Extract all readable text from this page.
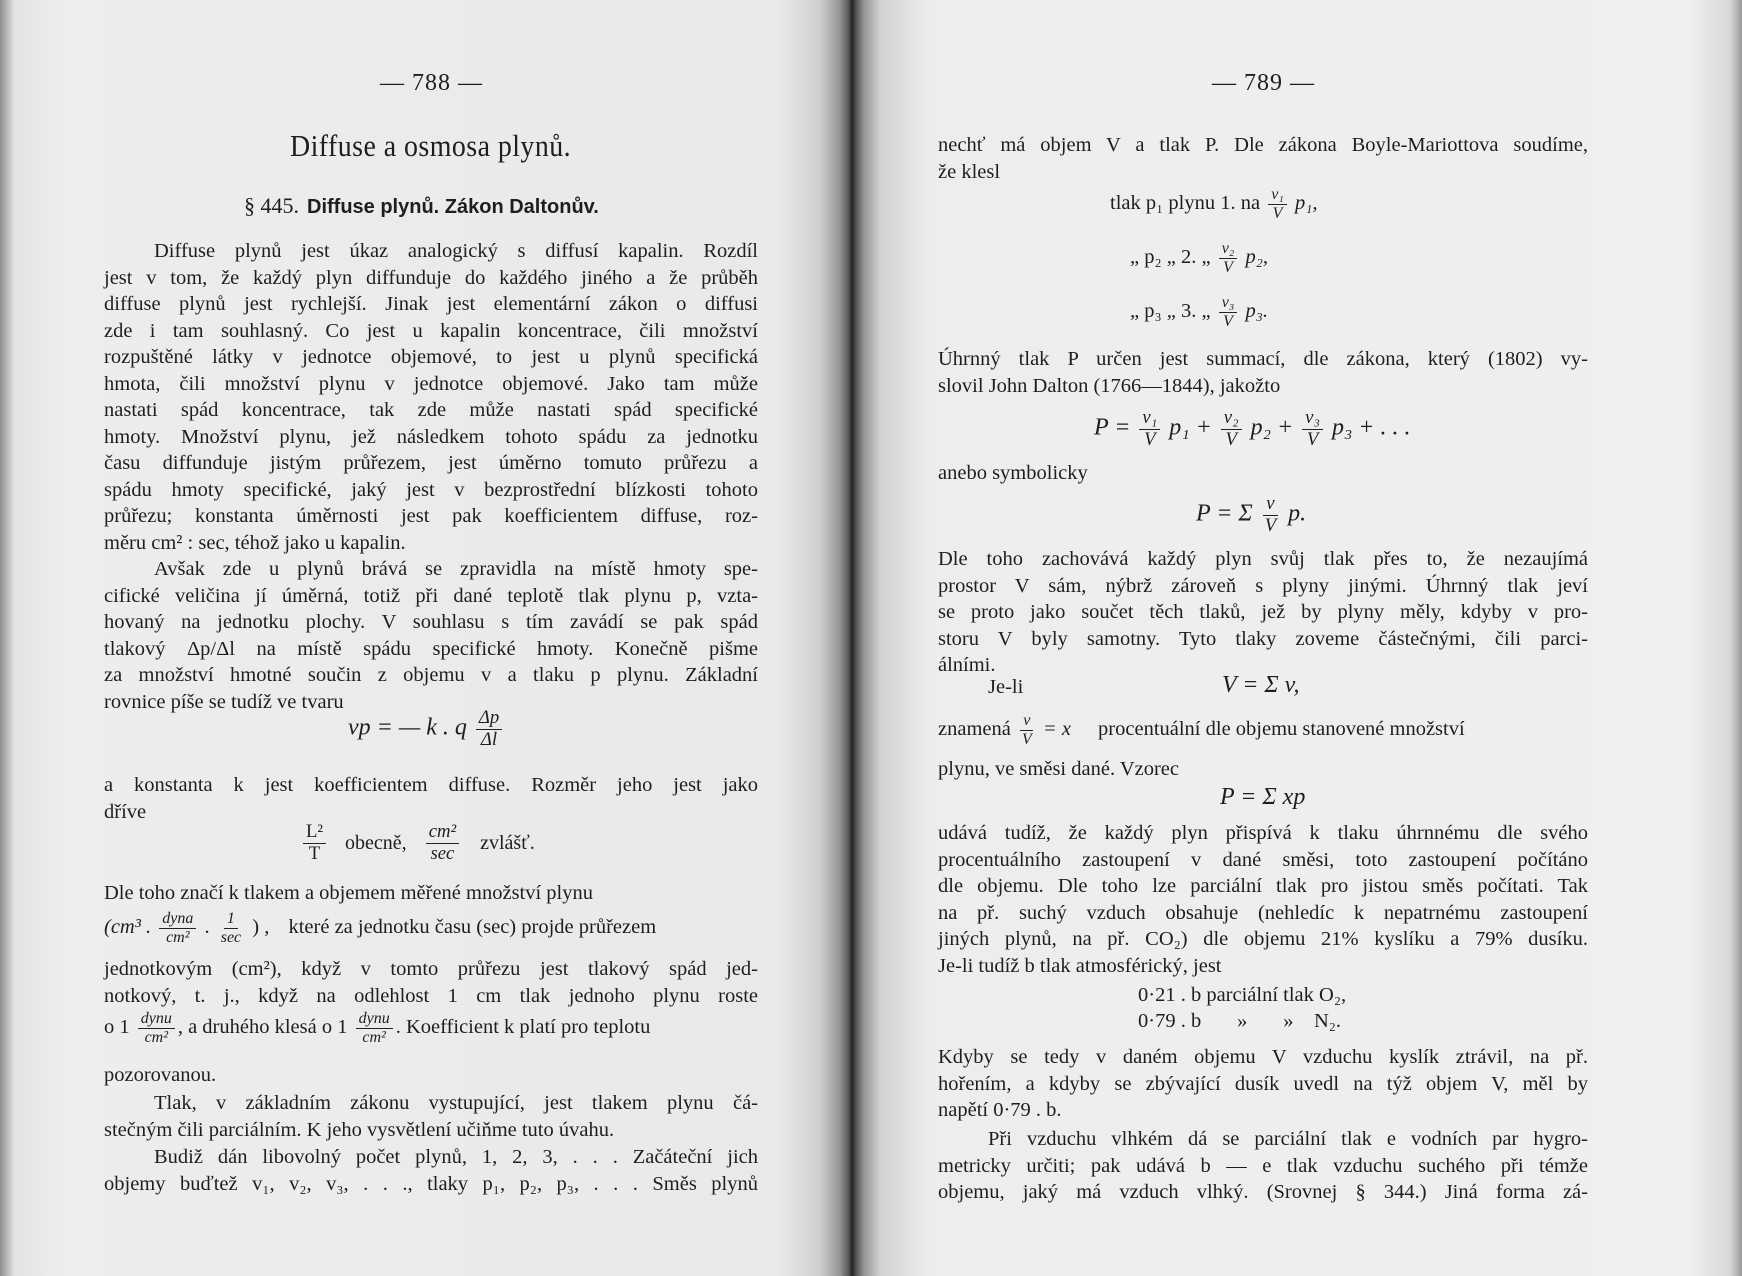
— 788 —
Diffuse a osmosa plynů.
§ 445. Diffuse plynů. Zákon Daltonův.
Diffuse plynů jest úkaz analogický s diffusí kapalin. Rozdíl
jest v tom, že každý plyn diffunduje do každého jiného a že průběh
diffuse plynů jest rychlejší. Jinak jest elementární zákon o diffusi
zde i tam souhlasný. Co jest u kapalin koncentrace, čili množství
rozpuštěné látky v jednotce objemové, to jest u plynů specifická
hmota, čili množství plynu v jednotce objemové. Jako tam může
nastati spád koncentrace, tak zde může nastati spád specifické
hmoty. Množství plynu, jež následkem tohoto spádu za jednotku
času diffunduje jistým průřezem, jest úměrno tomuto průřezu a
spádu hmoty specifické, jaký jest v bezprostřední blízkosti tohoto
průřezu; konstanta úměrnosti jest pak koefficientem diffuse, roz-
měru cm² : sec, téhož jako u kapalin.
Avšak zde u plynů brává se zpravidla na místě hmoty spe-
cifické veličina jí úměrná, totiž při dané teplotě tlak plynu p, vzta-
hovaný na jednotku plochy. V souhlasu s tím zavádí se pak spád
tlakový Δp/Δl na místě spádu specifické hmoty. Konečně pišme
za množství hmotné součin z objemu v a tlaku p plynu. Základní
rovnice píše se tudíž ve tvaru
vp = — k . q $\frac{\Delta p}{\Delta l}$
a konstanta k jest koefficientem diffuse. Rozměr jeho jest jako
dříve
$\frac{\text{L²}}{T}$ obecně, $\frac{\text{cm²}}{\sec}$ zvlášť.
Dle toho značí k tlakem a objemem měřené množství plynu
(cm³ . $\frac{\text{dyna}}{\text{cm²}}$ . $\frac{1}{\sec}$ ) , které za jednotku času (sec) projde průřezem
jednotkovým (cm²), když v tomto průřezu jest tlakový spád jed-
notkový, t. j., když na odlehlost 1 cm tlak jednoho plynu roste
o $1 \frac{\text{dynu}}{\text{cm²}}$ , a druhého klesá o $1 \frac{\text{dynu}}{\text{cm²}}$ . Koefficient k platí pro teplotu
pozorovanou.
Tlak, v základním zákonu vystupující, jest tlakem plynu čá-
stečným čili parciálním. K jeho vysvětlení učiňme tuto úvahu.
Budiž dán libovolný počet plynů, 1, 2, 3, . . . Začáteční jich
objemy buďtež v₁, v₂, v₃, . . ., tlaky p₁, p₂, p₃, . . . Směs plynů
— 789 —
nechť má objem V a tlak P. Dle zákona Boyle-Mariottova soudíme,
že klesl
tlak p₁ plynu 1. na $\frac{\text{v₁}}{V} p_1$,
„ p₂ „ 2. „ $\frac{\text{v₂}}{V} p_2$,
„ p₃ „ 3. „ $\frac{\text{v₃}}{V} p_3$.
Úhrnný tlak P určen jest summací, dle zákona, který (1802) vy-
slovil John Dalton (1766—1844), jakožto
$P = \frac{\text{v₁}}{V} p_1 + \frac{\text{v₂}}{V} p_2 + \frac{\text{v₃}}{V} p_3$ + . . .
anebo symbolicky
P = Σ $\frac{v}{V} p$.
Dle toho zachovává každý plyn svůj tlak přes to, že nezaujímá
prostor V sám, nýbrž zároveň s plyny jinými. Úhrnný tlak jeví
se proto jako součet těch tlaků, jež by plyny měly, kdyby v pro-
storu V byly samotny. Tyto tlaky zoveme částečnými, čili parci-
álními.
Je-li	V = Σ v,
znamená $\frac{v}{V} = x$ procentuální dle objemu stanovené množství
plynu, ve směsi dané. Vzorec
P = Σ xp
udává tudíž, že každý plyn přispívá k tlaku úhrnnému dle svého
procentuálního zastoupení v dané směsi, toto zastoupení počítáno
dle objemu. Dle toho lze parciální tlak pro jistou směs počítati. Tak
na př. suchý vzduch obsahuje (nehledíc k nepatrnému zastoupení
jiných plynů, na př. CO₂) dle objemu 21% kyslíku a 79% dusíku.
Je-li tudíž b tlak atmosférický, jest
0·21 . b parciální tlak O₂,
0·79 . b       »       »    N₂.
Kdyby se tedy v daném objemu V vzduchu kyslík ztrávil, na př.
hořením, a kdyby se zbývající dusík uvedl na týž objem V, měl by
napětí 0·79 . b.
Při vzduchu vlhkém dá se parciální tlak e vodních par hygro-
metricky určiti; pak udává b — e tlak vzduchu suchého při témže
objemu, jaký má vzduch vlhký. (Srovnej § 344.) Jiná forma zá-
